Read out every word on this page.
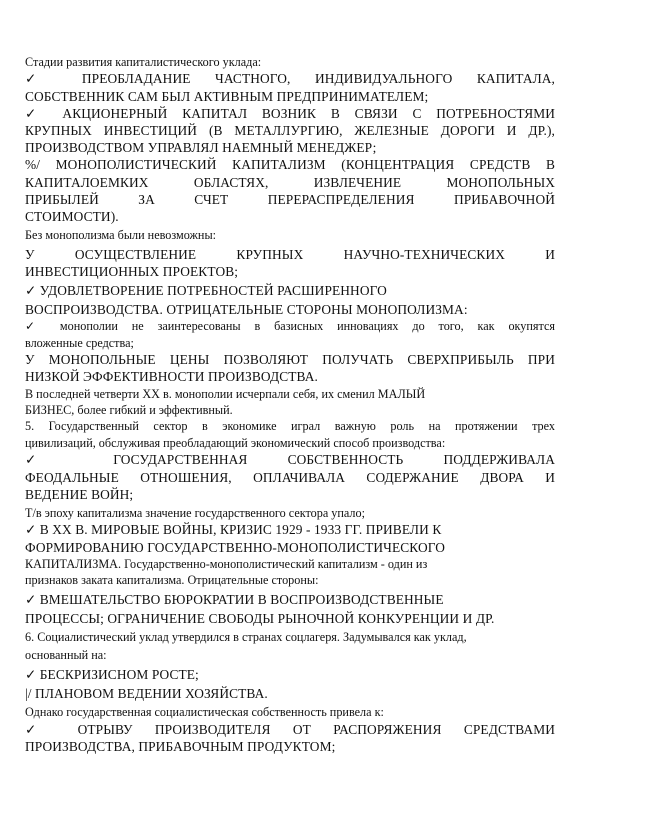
Стадии развития капиталистического уклада:
✓ ПРЕОБЛАДАНИЕ ЧАСТНОГО, ИНДИВИДУАЛЬНОГО КАПИТАЛА,
СОБСТВЕННИК САМ БЫЛ АКТИВНЫМ ПРЕДПРИНИМАТЕЛЕМ;
✓ АКЦИОНЕРНЫЙ КАПИТАЛ ВОЗНИК В СВЯЗИ С ПОТРЕБНОСТЯМИ
КРУПНЫХ ИНВЕСТИЦИЙ (В МЕТАЛЛУРГИЮ, ЖЕЛЕЗНЫЕ ДОРОГИ И ДР.),
ПРОИЗВОДСТВОМ УПРАВЛЯЛ НАЕМНЫЙ МЕНЕДЖЕР;
%/ МОНОПОЛИСТИЧЕСКИЙ КАПИТАЛИЗМ (КОНЦЕНТРАЦИЯ СРЕДСТВ В
КАПИТАЛОЕМКИХ ОБЛАСТЯХ, ИЗВЛЕЧЕНИЕ МОНОПОЛЬНЫХ
ПРИБЫЛЕЙ ЗА СЧЕТ ПЕРЕРАСПРЕДЕЛЕНИЯ ПРИБАВОЧНОЙ
СТОИМОСТИ).
Без монополизма были невозможны:
У ОСУЩЕСТВЛЕНИЕ КРУПНЫХ НАУЧНО-ТЕХНИЧЕСКИХ И
ИНВЕСТИЦИОННЫХ ПРОЕКТОВ;
✓ УДОВЛЕТВОРЕНИЕ ПОТРЕБНОСТЕЙ РАСШИРЕННОГО
ВОСПРОИЗВОДСТВА. ОТРИЦАТЕЛЬНЫЕ СТОРОНЫ МОНОПОЛИЗМА:
✓ монополии не заинтересованы в базисных инновациях до того, как окупятся
вложенные средства;
У МОНОПОЛЬНЫЕ ЦЕНЫ ПОЗВОЛЯЮТ ПОЛУЧАТЬ СВЕРХПРИБЫЛЬ ПРИ
НИЗКОЙ ЭФФЕКТИВНОСТИ ПРОИЗВОДСТВА.
В последней четверти XX в. монополии исчерпали себя, их сменил МАЛЫЙ
БИЗНЕС, более гибкий и эффективный.
5. Государственный сектор в экономике играл важную роль на протяжении трех
цивилизаций, обслуживая преобладающий экономический способ производства:
✓ ГОСУДАРСТВЕННАЯ СОБСТВЕННОСТЬ ПОДДЕРЖИВАЛА
ФЕОДАЛЬНЫЕ ОТНОШЕНИЯ, ОПЛАЧИВАЛА СОДЕРЖАНИЕ ДВОРА И
ВЕДЕНИЕ ВОЙН;
Т/в эпоху капитализма значение государственного сектора упало;
✓ В XX В. МИРОВЫЕ ВОЙНЫ, КРИЗИС 1929 - 1933 ГГ. ПРИВЕЛИ К
ФОРМИРОВАНИЮ ГОСУДАРСТВЕННО-МОНОПОЛИСТИЧЕСКОГО
КАПИТАЛИЗМА. Государственно-монополистический капитализм - один из
признаков заката капитализма. Отрицательные стороны:
✓ ВМЕШАТЕЛЬСТВО БЮРОКРАТИИ В ВОСПРОИЗВОДСТВЕННЫЕ
ПРОЦЕССЫ; ОГРАНИЧЕНИЕ СВОБОДЫ РЫНОЧНОЙ КОНКУРЕНЦИИ И ДР.
6. Социалистический уклад утвердился в странах соцлагеря. Задумывался как уклад,
основанный на:
✓ БЕСКРИЗИСНОМ РОСТЕ;
|/ ПЛАНОВОМ ВЕДЕНИИ ХОЗЯЙСТВА.
Однако государственная социалистическая собственность привела к:
✓ ОТРЫВУ ПРОИЗВОДИТЕЛЯ ОТ РАСПОРЯЖЕНИЯ СРЕДСТВАМИ
ПРОИЗВОДСТВА, ПРИБАВОЧНЫМ ПРОДУКТОМ;
